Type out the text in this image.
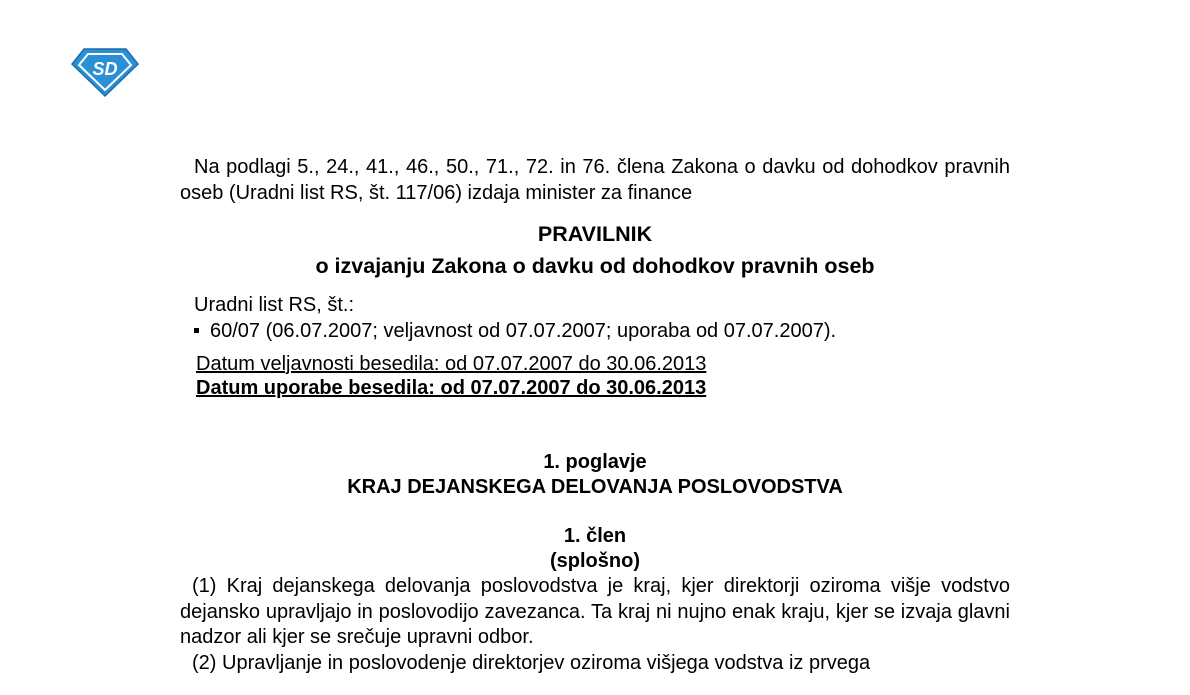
SD

Na podlagi 5., 24., 41., 46., 50., 71., 72. in 76. člena Zakona o davku od dohodkov pravnih oseb (Uradni list RS, št. 117/06) izdaja minister za finance

PRAVILNIK
o izvajanju Zakona o davku od dohodkov pravnih oseb

Uradni list RS, št.:

60/07 (06.07.2007; veljavnost od 07.07.2007; uporaba od 07.07.2007).

Datum veljavnosti besedila: od 07.07.2007 do 30.06.2013
Datum uporabe besedila: od 07.07.2007 do 30.06.2013
1. poglavje
KRAJ DEJANSKEGA DELOVANJA POSLOVODSTVA
1. člen
(splošno)

(1) Kraj dejanskega delovanja poslovodstva je kraj, kjer direktorji oziroma višje vodstvo dejansko upravljajo in poslovodijo zavezanca. Ta kraj ni nujno enak kraju, kjer se izvaja glavni nadzor ali kjer se srečuje upravni odbor.

(2) Upravljanje in poslovodenje direktorjev oziroma višjega vodstva iz prvega
